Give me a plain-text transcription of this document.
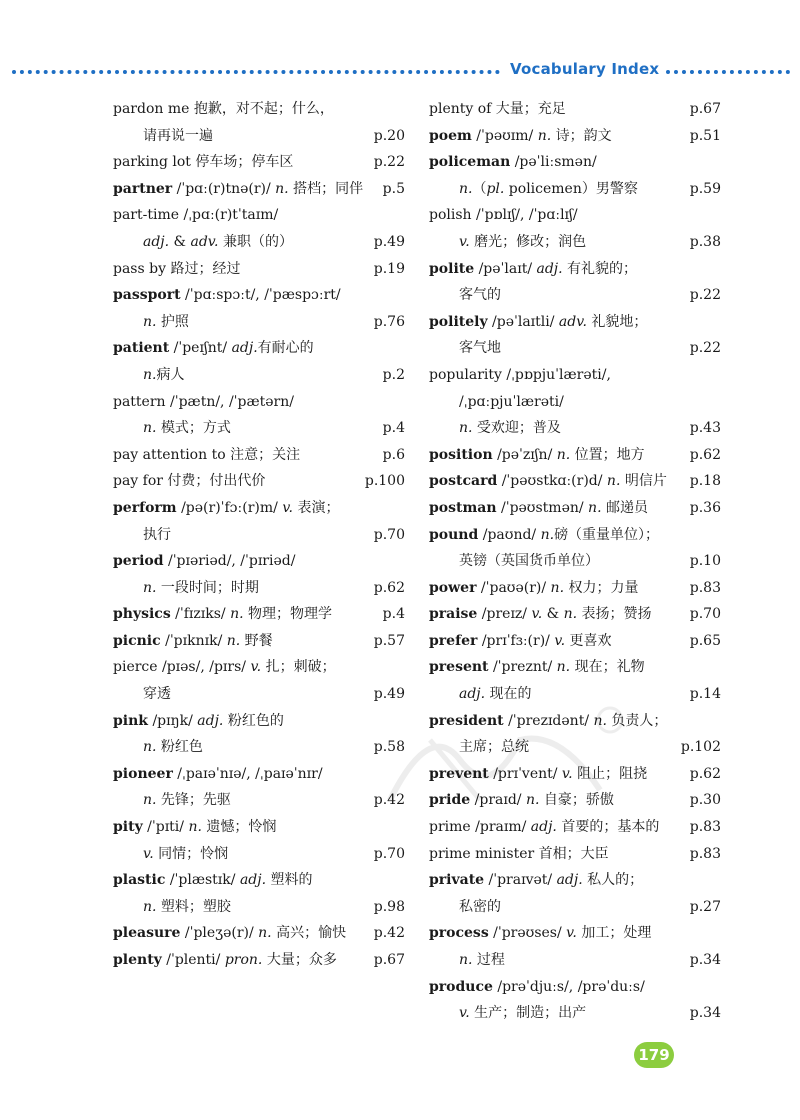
Vocabulary Index
pardon me 抱歉，对不起；什么，
请再说一遍	p.20
parking lot 停车场；停车区	p.22
partner /ˈpɑː(r)tnə(r)/ n. 搭档；同伴 p.5
part-time /ˌpɑː(r)tˈtaɪm/
adj. & adv. 兼职（的）	p.49
pass by 路过；经过	p.19
passport /ˈpɑːspɔːt/, /ˈpæspɔːrt/
n. 护照	p.76
patient /ˈpeɪʃnt/ adj.有耐心的
n.病人	p.2
pattern /ˈpætn/, /ˈpætərn/
n. 模式；方式	p.4
pay attention to 注意；关注	p.6
pay for 付费；付出代价	p.100
perform /pə(r)ˈfɔː(r)m/ v. 表演；
执行	p.70
period /ˈpɪəriəd/, /ˈpɪriəd/
n. 一段时间；时期	p.62
physics /ˈfɪzɪks/ n. 物理；物理学	p.4
picnic /ˈpɪknɪk/ n. 野餐	p.57
pierce /pɪəs/, /pɪrs/ v. 扎；刺破；
穿透	p.49
pink /pɪŋk/ adj. 粉红色的
n. 粉红色	p.58
pioneer /ˌpaɪəˈnɪə/, /ˌpaɪəˈnɪr/
n. 先锋；先驱	p.42
pity /ˈpɪti/ n. 遗憾；怜悯
v. 同情；怜悯	p.70
plastic /ˈplæstɪk/ adj. 塑料的
n. 塑料；塑胶	p.98
pleasure /ˈpleʒə(r)/ n. 高兴；愉快 p.42
plenty /ˈplenti/ pron. 大量；众多	p.67
plenty of 大量；充足	p.67
poem /ˈpəʊɪm/ n. 诗；韵文	p.51
policeman /pəˈliːsmən/
n.（pl. policemen）男警察	p.59
polish /ˈpɒlɪʃ/, /ˈpɑːlɪʃ/
v. 磨光；修改；润色	p.38
polite /pəˈlaɪt/ adj. 有礼貌的；
客气的	p.22
politely /pəˈlaɪtli/ adv. 礼貌地；
客气地	p.22
popularity /ˌpɒpjuˈlærəti/,
/ˌpɑːpjuˈlærəti/
n. 受欢迎；普及	p.43
position /pəˈzɪʃn/ n. 位置；地方	p.62
postcard /ˈpəʊstkɑː(r)d/ n. 明信片 p.18
postman /ˈpəʊstmən/ n. 邮递员	p.36
pound /paʊnd/ n.磅（重量单位）；
英镑（英国货币单位）	p.10
power /ˈpaʊə(r)/ n. 权力；力量	p.83
praise /preɪz/ v. & n. 表扬；赞扬	p.70
prefer /prɪˈfɜː(r)/ v. 更喜欢	p.65
present /ˈpreznt/ n. 现在；礼物
adj. 现在的	p.14
president /ˈprezɪdənt/ n. 负责人；
主席；总统	p.102
prevent /prɪˈvent/ v. 阻止；阻挠	p.62
pride /praɪd/ n. 自豪；骄傲	p.30
prime /praɪm/ adj. 首要的；基本的 p.83
prime minister 首相；大臣	p.83
private /ˈpraɪvət/ adj. 私人的；
私密的	p.27
process /ˈprəʊses/ v. 加工；处理
n. 过程	p.34
produce /prəˈdjuːs/, /prəˈduːs/
v. 生产；制造；出产	p.34
179
